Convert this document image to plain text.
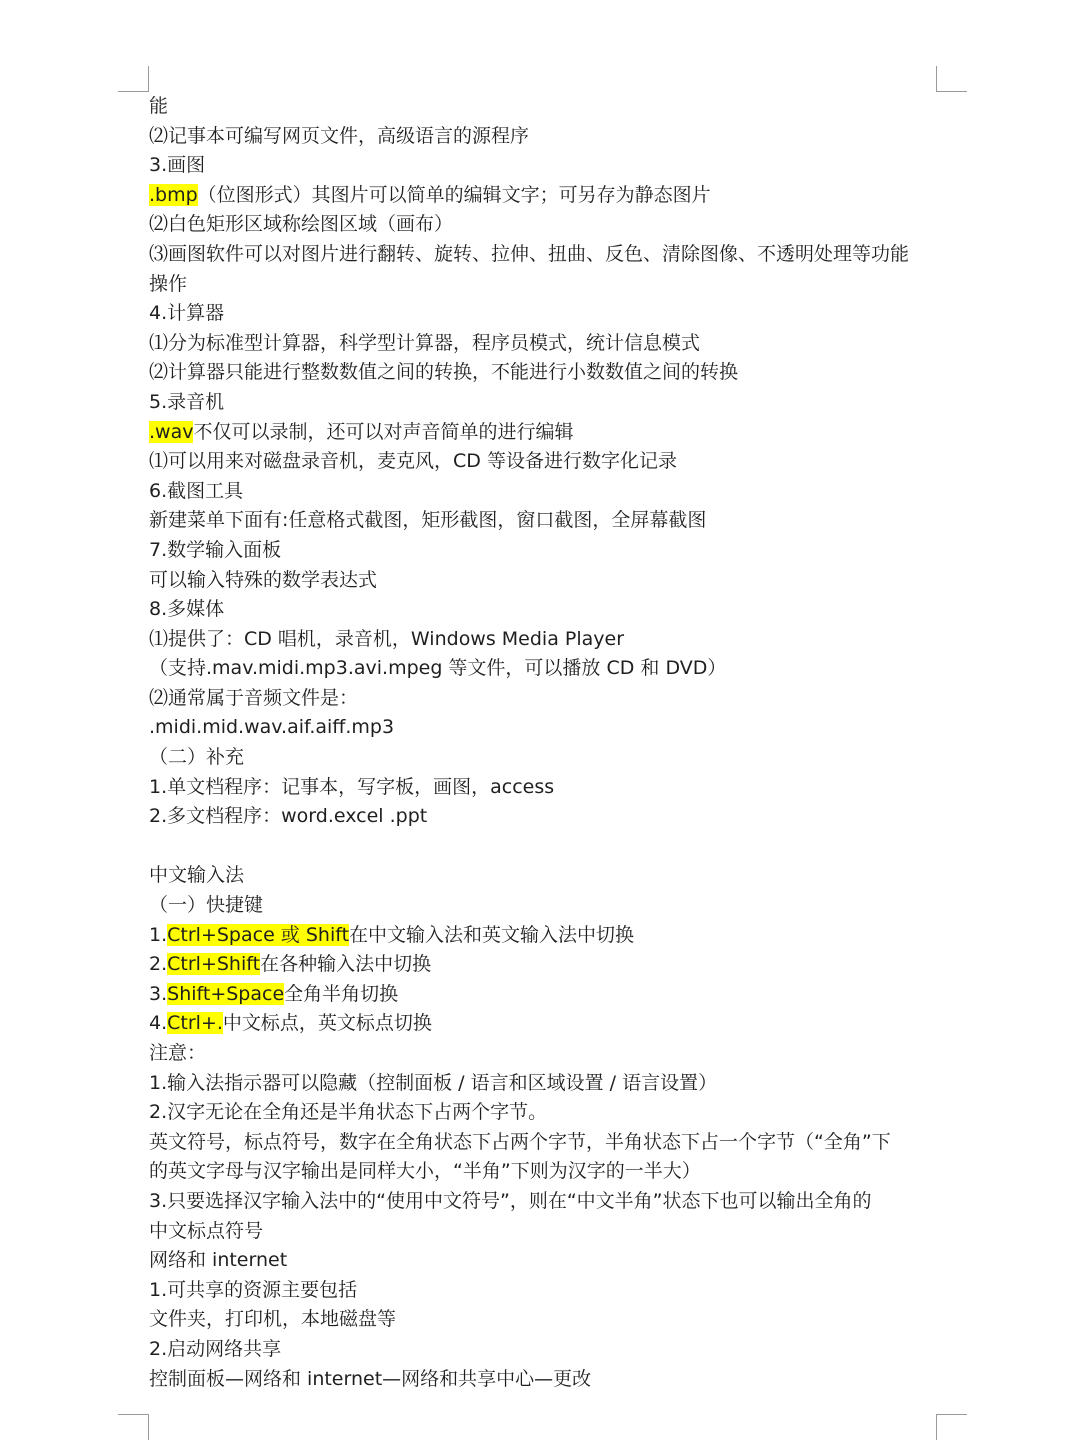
能
⑵记事本可编写网页文件，高级语言的源程序
3.画图
.bmp（位图形式）其图片可以简单的编辑文字；可另存为静态图片
⑵白色矩形区域称绘图区域（画布）
⑶画图软件可以对图片进行翻转、旋转、拉伸、扭曲、反色、清除图像、不透明处理等功能
操作
4.计算器
⑴分为标准型计算器，科学型计算器，程序员模式，统计信息模式
⑵计算器只能进行整数数值之间的转换，不能进行小数数值之间的转换
5.录音机
.wav不仅可以录制，还可以对声音简单的进行编辑
⑴可以用来对磁盘录音机，麦克风，CD 等设备进行数字化记录
6.截图工具
新建菜单下面有:任意格式截图，矩形截图，窗口截图，全屏幕截图
7.数学输入面板
可以输入特殊的数学表达式
8.多媒体
⑴提供了：CD 唱机，录音机，Windows Media Player
（支持.mav.midi.mp3.avi.mpeg 等文件，可以播放 CD 和 DVD）
⑵通常属于音频文件是：
.midi.mid.wav.aif.aiff.mp3
（二）补充
1.单文档程序：记事本，写字板，画图，access
2.多文档程序：word.excel .ppt
中文输入法
（一）快捷键
1.Ctrl+Space 或 Shift在中文输入法和英文输入法中切换
2.Ctrl+Shift在各种输入法中切换
3.Shift+Space全角半角切换
4.Ctrl+.中文标点，英文标点切换
注意：
1.输入法指示器可以隐藏（控制面板 / 语言和区域设置 / 语言设置）
2.汉字无论在全角还是半角状态下占两个字节。
英文符号，标点符号，数字在全角状态下占两个字节，半角状态下占一个字节（“全角”下
的英文字母与汉字输出是同样大小，“半角”下则为汉字的一半大）
3.只要选择汉字输入法中的“使用中文符号”，则在“中文半角”状态下也可以输出全角的
中文标点符号
网络和 internet
1.可共享的资源主要包括
文件夹，打印机，本地磁盘等
2.启动网络共享
控制面板—网络和 internet—网络和共享中心—更改
